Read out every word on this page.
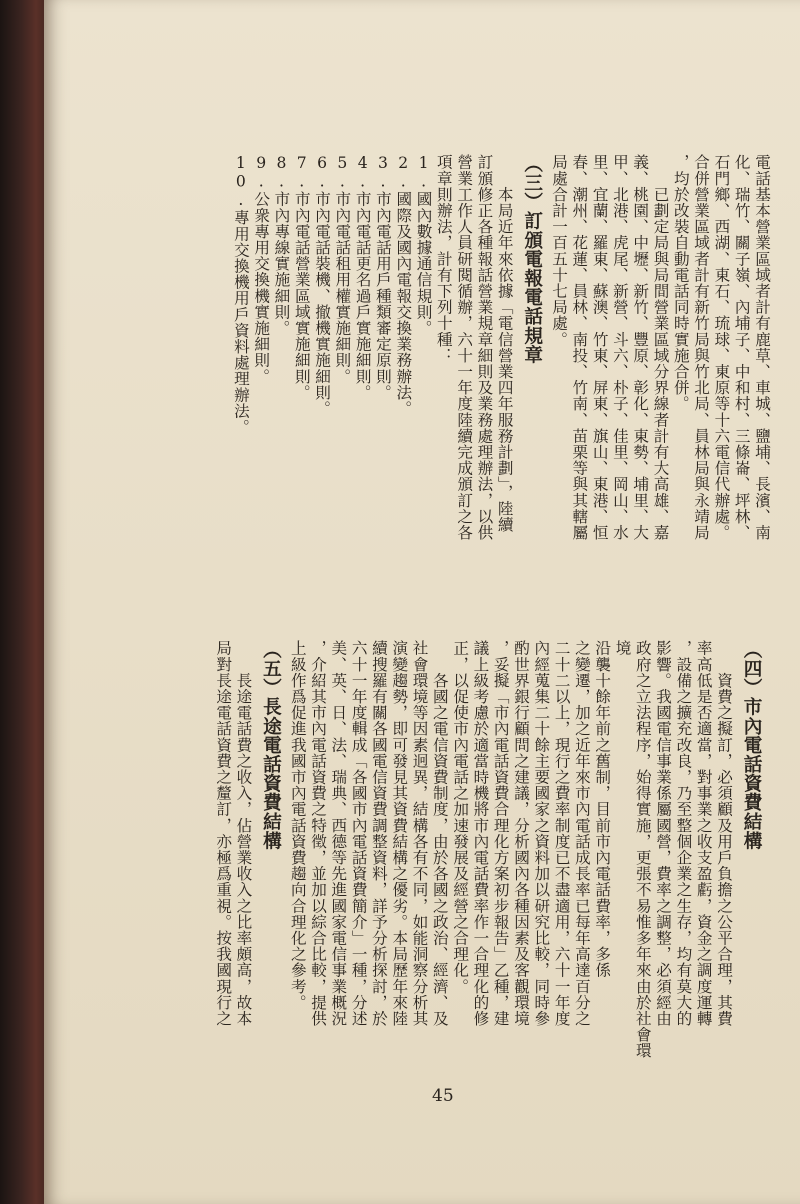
電話基本營業區域者計有鹿草、車城、鹽埔、長濱、南
化、瑞竹、關子嶺、內埔子、中和村、三條崙、坪林、
石門鄉、西湖、東石、琉球、東原等十六電信代辦處。
合併營業區域者計有新竹局與竹北局、員林局與永靖局
，均於改裝自動電話同時實施合併。
　　已劃定局與局間營業區域分界線者計有大高雄、嘉
義、桃園、中壢、新竹、豐原、彰化、東勢、埔里、大
甲、北港、虎尾、新營、斗六、朴子、佳里、岡山、水
里、宜蘭、羅東、蘇澳、竹東、屏東、旗山、東港、恒
春、潮州、花蓮、員林、南投、竹南、苗栗等與其轄屬
局處合計一百五十七局處。
（三）訂頒電報電話規章
　　本局近年來依據「電信營業四年服務計劃」，陸續
訂頒修正各種報話營業規章細則及業務處理辦法，以供
營業工作人員研閱循辦，六十一年度陸續完成頒訂之各
項章則辦法，計有下列十種：
1.國內數據通信規則。
2.國際及國內電報交換業務辦法。
3.市內電話用戶種類審定原則。
4.市內電話更名過戶實施細則。
5.市內電話租用權實施細則。
6.市內電話裝機、撤機實施細則。
7.市內電話營業區域實施細則。
8.市內專線實施細則。
9.公衆專用交換機實施細則。
10.專用交換機用戶資料處理辦法。
（四）市內電話資費結構
　　資費之擬訂，必須顧及用戶負擔之公平合理，其費
率高低是否適當，對事業之收支盈虧，資金之調度運轉
，設備之擴充改良，乃至整個企業之生存，均有莫大的
影響。我國電信事業係屬國營，費率之調整，必須經由
政府之立法程序，始得實施，更張不易惟多年來由於社會環境
沿襲十餘年前之舊制，目前市內電話費率，多係
之變遷，加之近年來市內電話成長率已每年高達百分之
二十二以上，現行之費率制度已不盡適用，六十一年度
內經蒐集二十餘主要國家之資料加以研究比較，同時參
酌世界銀行顧問之建議，分析國內各種因素及客觀環境
，妥擬「市內電話資費合理化方案初步報告」乙種，建
議上級考慮於適當時機將市內電話費率作一合理化的修
正，以促使市內電話之加速發展及經營之合理化。
　　各國之電信資費制度，由於各國之政治、經濟、及
社會環境等因素迥異，結構各有不同，如能洞察分析其
演變趨勢，即可發見其資費結構之優劣。本局歷年來陸
續搜羅有關各國電信資費調整資料，詳予分析探討，於
六十一年度輯成「各國市內電話資費簡介」一種，分述
美、英、日、法、瑞典、西德等先進國家電信事業概況
，介紹其市內電話資費之特徵，並加以綜合比較，提供
上級作爲促進我國市內電話資費趨向合理化之參考。
（五）長途電話資費結構
　　長途電話費之收入，佔營業收入之比率頗高，故本
局對長途電話資費之釐訂，亦極爲重視。按我國現行之
45
